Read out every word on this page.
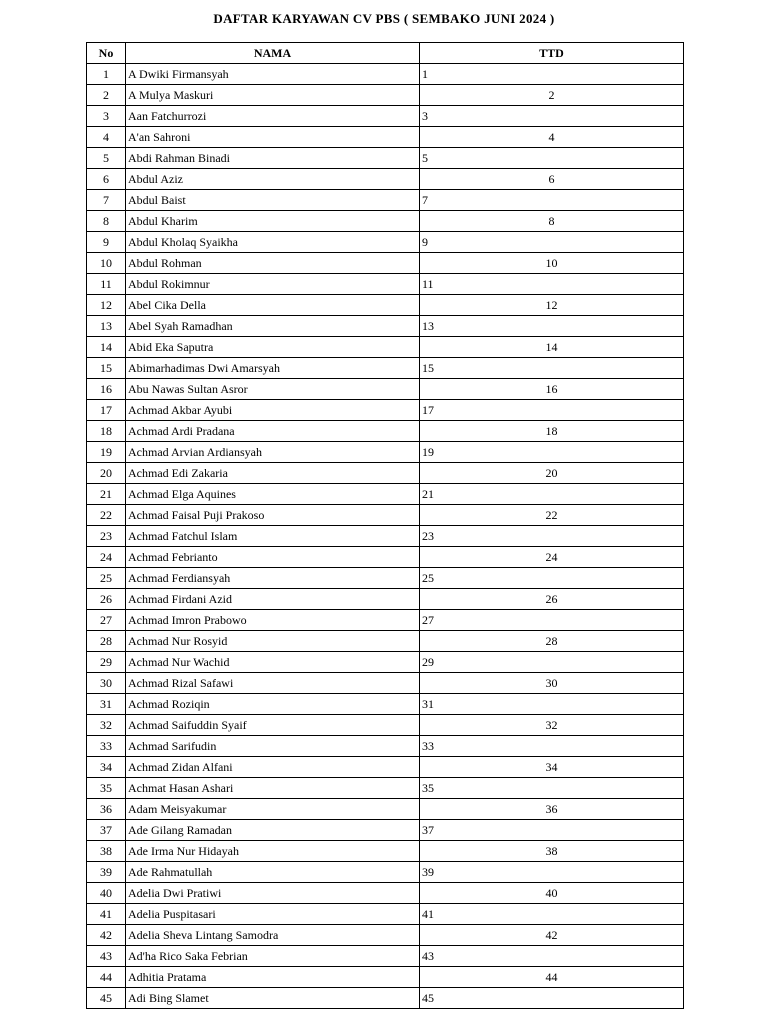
DAFTAR KARYAWAN CV PBS ( SEMBAKO JUNI 2024 )
No	NAMA	TTD
1	A Dwiki Firmansyah	1
2	A Mulya Maskuri	2
3	Aan Fatchurrozi	3
4	A'an Sahroni	4
5	Abdi Rahman Binadi	5
6	Abdul Aziz	6
7	Abdul Baist	7
8	Abdul Kharim	8
9	Abdul Kholaq Syaikha	9
10	Abdul Rohman	10
11	Abdul Rokimnur	11
12	Abel Cika Della	12
13	Abel Syah Ramadhan	13
14	Abid Eka Saputra	14
15	Abimarhadimas Dwi Amarsyah	15
16	Abu Nawas Sultan Asror	16
17	Achmad Akbar Ayubi	17
18	Achmad Ardi Pradana	18
19	Achmad Arvian Ardiansyah	19
20	Achmad Edi Zakaria	20
21	Achmad Elga Aquines	21
22	Achmad Faisal Puji Prakoso	22
23	Achmad Fatchul Islam	23
24	Achmad Febrianto	24
25	Achmad Ferdiansyah	25
26	Achmad Firdani Azid	26
27	Achmad Imron Prabowo	27
28	Achmad Nur Rosyid	28
29	Achmad Nur Wachid	29
30	Achmad Rizal Safawi	30
31	Achmad Roziqin	31
32	Achmad Saifuddin Syaif	32
33	Achmad Sarifudin	33
34	Achmad Zidan Alfani	34
35	Achmat Hasan Ashari	35
36	Adam Meisyakumar	36
37	Ade Gilang Ramadan	37
38	Ade Irma Nur Hidayah	38
39	Ade Rahmatullah	39
40	Adelia Dwi Pratiwi	40
41	Adelia Puspitasari	41
42	Adelia Sheva Lintang Samodra	42
43	Ad'ha Rico Saka Febrian	43
44	Adhitia Pratama	44
45	Adi Bing Slamet	45
